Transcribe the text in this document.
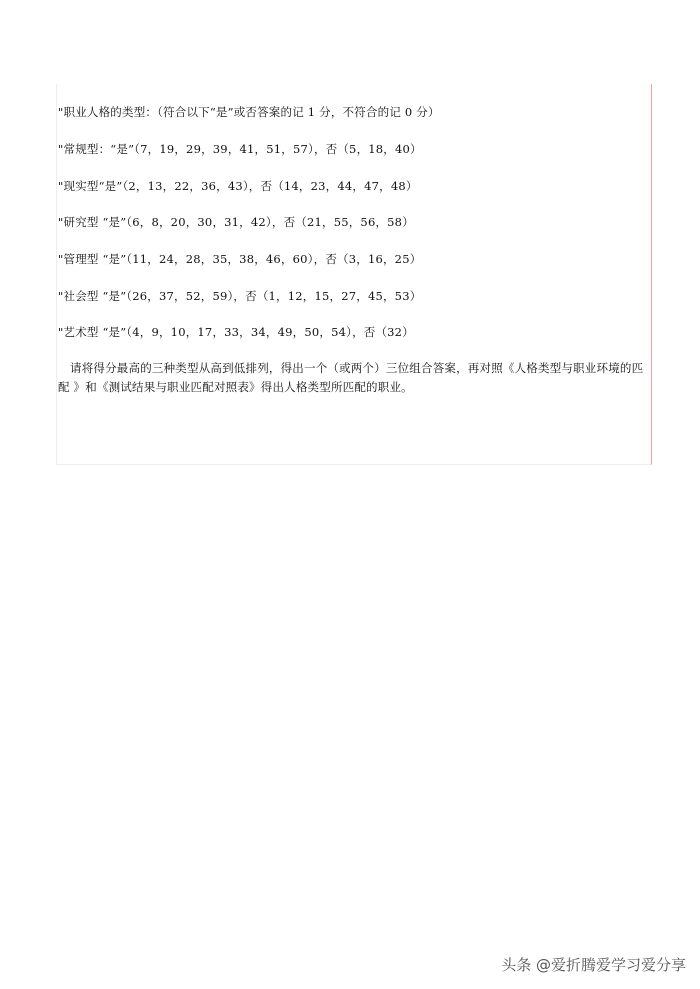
"职业人格的类型：（符合以下“是”或否答案的记 1 分，不符合的记 0 分）
"常规型：“是”（7，19，29，39，41，51，57），否（5，18，40）
"现实型“是”（2，13，22，36，43），否（14，23，44，47，48）
"研究型 “是”（6，8，20，30，31，42），否（21，55，56，58）
"管理型 “是”（11，24，28，35，38，46，60），否（3，16，25）
"社会型 “是”（26，37，52，59），否（1，12，15，27，45，53）
"艺术型 “是”（4，9，10，17，33，34，49，50，54），否（32）
请将得分最高的三种类型从高到低排列，得出一个（或两个）三位组合答案，再对照《人格类型与职业环境的匹配 》和《测试结果与职业匹配对照表》得出人格类型所匹配的职业。
头条 @爱折腾爱学习爱分享
